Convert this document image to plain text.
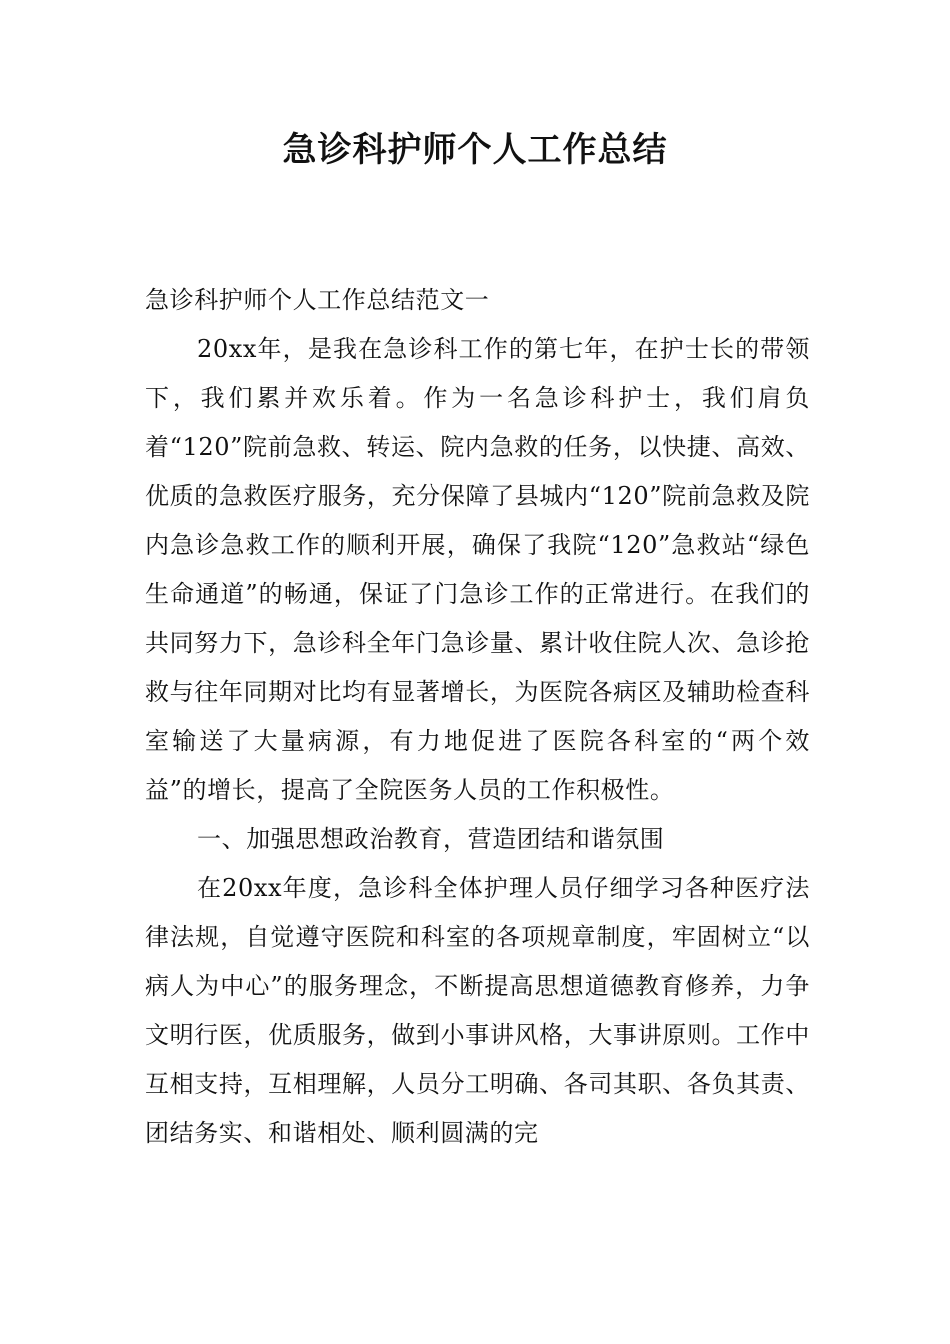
急诊科护师个人工作总结

急诊科护师个人工作总结范文一

20xx年，是我在急诊科工作的第七年，在护士长的带领下，我们累并欢乐着。作为一名急诊科护士，我们肩负着“120”院前急救、转运、院内急救的任务，以快捷、高效、优质的急救医疗服务，充分保障了县城内“120”院前急救及院内急诊急救工作的顺利开展，确保了我院“120”急救站“绿色生命通道”的畅通，保证了门急诊工作的正常进行。在我们的共同努力下，急诊科全年门急诊量、累计收住院人次、急诊抢救与往年同期对比均有显著增长，为医院各病区及辅助检查科室输送了大量病源，有力地促进了医院各科室的“两个效益”的增长，提高了全院医务人员的工作积极性。

一、加强思想政治教育，营造团结和谐氛围

在20xx年度，急诊科全体护理人员仔细学习各种医疗法律法规，自觉遵守医院和科室的各项规章制度，牢固树立“以病人为中心”的服务理念，不断提高思想道德教育修养，力争文明行医，优质服务，做到小事讲风格，大事讲原则。工作中互相支持，互相理解，人员分工明确、各司其职、各负其责、团结务实、和谐相处、顺利圆满的完
